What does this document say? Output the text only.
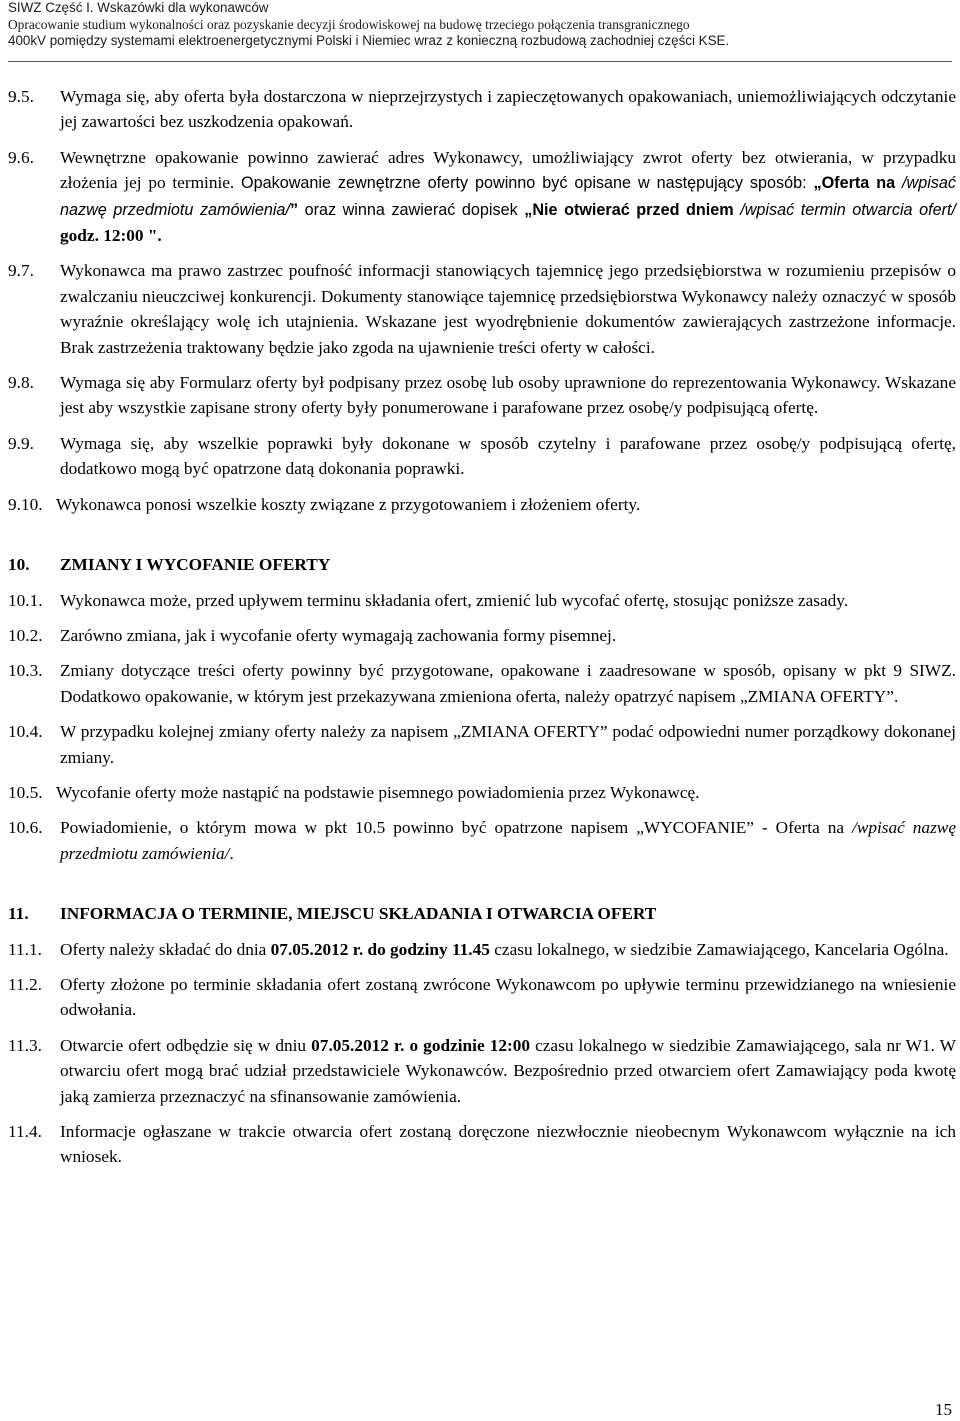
SIWZ Część I. Wskazówki dla wykonawców
Opracowanie studium wykonalności oraz pozyskanie decyzji środowiskowej na budowę trzeciego połączenia transgranicznego
400kV pomiędzy systemami elektroenergetycznymi Polski i Niemiec wraz z konieczną rozbudową zachodniej części KSE.
9.5.	Wymaga się, aby oferta była dostarczona w nieprzejrzystych i zapieczętowanych opakowaniach, uniemożliwiających odczytanie jej zawartości bez uszkodzenia opakowań.
9.6.	Wewnętrzne opakowanie powinno zawierać adres Wykonawcy, umożliwiający zwrot oferty bez otwierania, w przypadku złożenia jej po terminie. Opakowanie zewnętrzne oferty powinno być opisane w następujący sposób: „Oferta na /wpisać nazwę przedmiotu zamówienia/” oraz winna zawierać dopisek „Nie otwierać przed dniem /wpisać termin otwarcia ofert/ godz. 12:00 ".
9.7.	Wykonawca ma prawo zastrzec poufność informacji stanowiących tajemnicę jego przedsiębiorstwa w rozumieniu przepisów o zwalczaniu nieuczciwej konkurencji. Dokumenty stanowiące tajemnicę przedsiębiorstwa Wykonawcy należy oznaczyć w sposób wyraźnie określający wolę ich utajnienia. Wskazane jest wyodrębnienie dokumentów zawierających zastrzeżone informacje. Brak zastrzeżenia traktowany będzie jako zgoda na ujawnienie treści oferty w całości.
9.8.	Wymaga się aby Formularz oferty był podpisany przez osobę lub osoby uprawnione do reprezentowania Wykonawcy. Wskazane jest aby wszystkie zapisane strony oferty były ponumerowane i parafowane przez osobę/y podpisującą ofertę.
9.9.	Wymaga się, aby wszelkie poprawki były dokonane w sposób czytelny i parafowane przez osobę/y podpisującą ofertę, dodatkowo mogą być opatrzone datą dokonania poprawki.
9.10. Wykonawca ponosi wszelkie koszty związane z przygotowaniem i złożeniem oferty.
10.	ZMIANY I WYCOFANIE OFERTY
10.1.	Wykonawca może, przed upływem terminu składania ofert, zmienić lub wycofać ofertę, stosując poniższe zasady.
10.2.	Zarówno zmiana, jak i wycofanie oferty wymagają zachowania formy pisemnej.
10.3.	Zmiany dotyczące treści oferty powinny być przygotowane, opakowane i zaadresowane w sposób, opisany w pkt 9 SIWZ. Dodatkowo opakowanie, w którym jest przekazywana zmieniona oferta, należy opatrzyć napisem „ZMIANA OFERTY”.
10.4.	W przypadku kolejnej zmiany oferty należy za napisem „ZMIANA OFERTY” podać odpowiedni numer porządkowy dokonanej zmiany.
10.5. Wycofanie oferty może nastąpić na podstawie pisemnego powiadomienia przez Wykonawcę.
10.6.	Powiadomienie, o którym mowa w pkt 10.5 powinno być opatrzone napisem „WYCOFANIE” - Oferta na /wpisać nazwę przedmiotu zamówienia/.
11.	INFORMACJA O TERMINIE, MIEJSCU SKŁADANIA I OTWARCIA OFERT
11.1.	Oferty należy składać do dnia 07.05.2012 r. do godziny 11.45 czasu lokalnego, w siedzibie Zamawiającego, Kancelaria Ogólna.
11.2.	Oferty złożone po terminie składania ofert zostaną zwrócone Wykonawcom po upływie terminu przewidzianego na wniesienie odwołania.
11.3.	Otwarcie ofert odbędzie się w dniu 07.05.2012 r. o godzinie 12:00 czasu lokalnego w siedzibie Zamawiającego, sala nr W1. W otwarciu ofert mogą brać udział przedstawiciele Wykonawców. Bezpośrednio przed otwarciem ofert Zamawiający poda kwotę jaką zamierza przeznaczyć na sfinansowanie zamówienia.
11.4.	Informacje ogłaszane w trakcie otwarcia ofert zostaną doręczone niezwłocznie nieobecnym Wykonawcom wyłącznie na ich wniosek.
15
